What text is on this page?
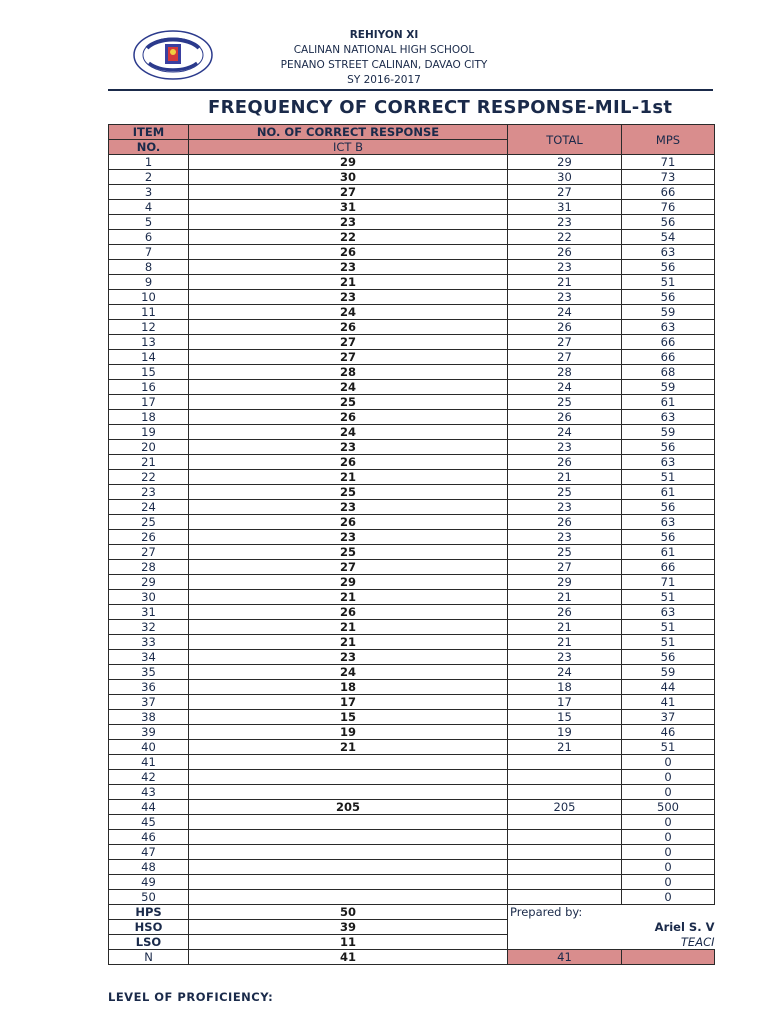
REHIYON XI
CALINAN NATIONAL HIGH SCHOOL
PENANO STREET CALINAN, DAVAO CITY
SY 2016-2017
FREQUENCY OF CORRECT RESPONSE-MIL-1st
ITEM	NO. OF CORRECT RESPONSE	TOTAL	MPS
NO.	ICT B		
1	29	29	71
2	30	30	73
3	27	27	66
4	31	31	76
5	23	23	56
6	22	22	54
7	26	26	63
8	23	23	56
9	21	21	51
10	23	23	56
11	24	24	59
12	26	26	63
13	27	27	66
14	27	27	66
15	28	28	68
16	24	24	59
17	25	25	61
18	26	26	63
19	24	24	59
20	23	23	56
21	26	26	63
22	21	21	51
23	25	25	61
24	23	23	56
25	26	26	63
26	23	23	56
27	25	25	61
28	27	27	66
29	29	29	71
30	21	21	51
31	26	26	63
32	21	21	51
33	21	21	51
34	23	23	56
35	24	24	59
36	18	18	44
37	17	17	41
38	15	15	37
39	19	19	46
40	21	21	51
41			0
42			0
43			0
44	205	205	500
45			0
46			0
47			0
48			0
49			0
50			0
HPS	50	Prepared by:	
HSO	39	Ariel S. V	
LSO	11	TEACI	
N	41	41	
LEVEL OF PROFICIENCY:
